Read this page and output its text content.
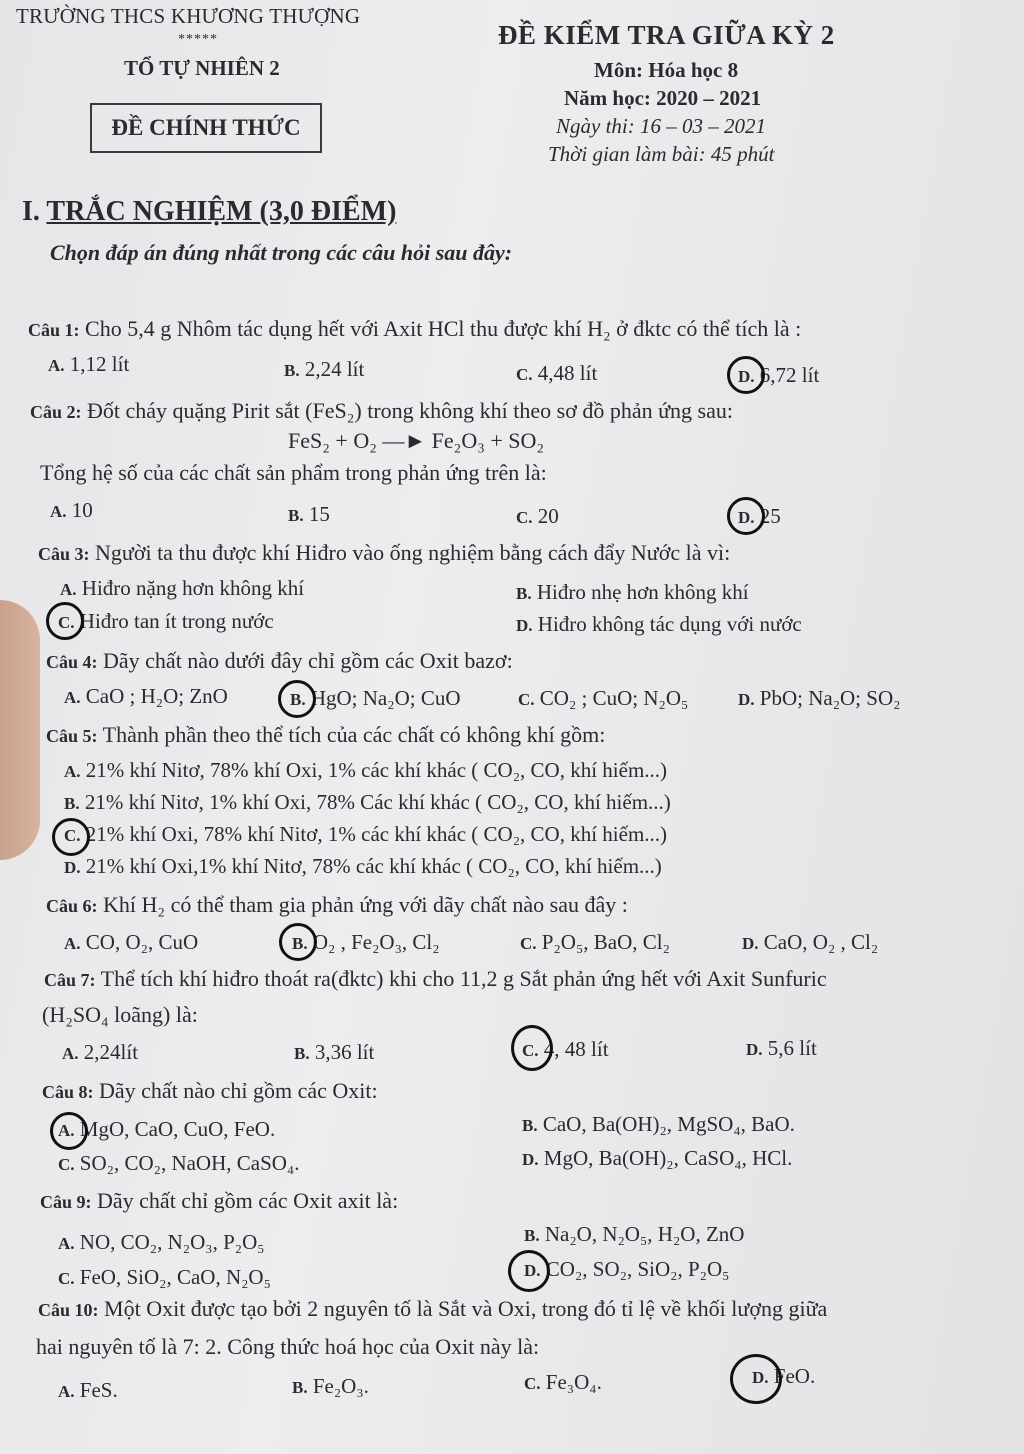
TRƯỜNG THCS KHƯƠNG THƯỢNG
*****
TỔ TỰ NHIÊN 2
ĐỀ CHÍNH THỨC
ĐỀ KIỂM TRA GIỮA KỲ 2
Môn: Hóa học 8
Năm học: 2020 – 2021
Ngày thi: 16 – 03 – 2021
Thời gian làm bài: 45 phút
I. TRẮC NGHIỆM (3,0 ĐIỂM)
Chọn đáp án đúng nhất trong các câu hỏi sau đây:
Câu 1: Cho 5,4 g Nhôm tác dụng hết với Axit HCl thu được khí H₂ ở đktc có thể tích là :
A. 1,12 lít	B. 2,24 lít	C. 4,48 lít	D. 6,72 lít
Câu 2: Đốt cháy quặng Pirit sắt (FeS₂) trong không khí theo sơ đồ phản ứng sau:
FeS₂ + O₂ —► Fe₂O₃ + SO₂
Tổng hệ số của các chất sản phẩm trong phản ứng trên là:
A. 10	B. 15	C. 20	D. 25
Câu 3: Người ta thu được khí Hiđro vào ống nghiệm bằng cách đẩy Nước là vì:
A. Hiđro nặng hơn không khí	B. Hiđro nhẹ hơn không khí
C. Hiđro tan ít trong nước	D. Hiđro không tác dụng với nước
Câu 4: Dãy chất nào dưới đây chỉ gồm các Oxit bazơ:
A. CaO ; H₂O; ZnO	B. HgO; Na₂O; CuO	C. CO₂ ; CuO; N₂O₅	D. PbO; Na₂O; SO₂
Câu 5: Thành phần theo thể tích của các chất có không khí gồm:
A. 21% khí Nitơ, 78% khí Oxi, 1% các khí khác ( CO₂, CO, khí hiếm...)
B. 21% khí Nitơ, 1% khí Oxi, 78% Các khí khác ( CO₂, CO, khí hiếm...)
C. 21% khí Oxi, 78% khí Nitơ, 1% các khí khác ( CO₂, CO, khí hiếm...)
D. 21% khí Oxi,1% khí Nitơ, 78% các khí khác ( CO₂, CO, khí hiếm...)
Câu 6: Khí H₂ có thể tham gia phản ứng với dãy chất nào sau đây :
A. CO, O₂, CuO	B. O₂ , Fe₂O₃, Cl₂	C. P₂O₅, BaO, Cl₂	D. CaO, O₂ , Cl₂
Câu 7: Thể tích khí hiđro thoát ra(đktc) khi cho 11,2 g Sắt phản ứng hết với Axit Sunfuric
(H₂SO₄ loãng) là:
A. 2,24lít	B. 3,36 lít	C. 4, 48 lít	D. 5,6 lít
Câu 8: Dãy chất nào chỉ gồm các Oxit:
A. MgO, CaO, CuO, FeO.	B. CaO, Ba(OH)₂, MgSO₄, BaO.
C. SO₂, CO₂, NaOH, CaSO₄.	D. MgO, Ba(OH)₂, CaSO₄, HCl.
Câu 9: Dãy chất chỉ gồm các Oxit axit là:
A. NO, CO₂, N₂O₃, P₂O₅	B. Na₂O, N₂O₅, H₂O, ZnO
C. FeO, SiO₂, CaO, N₂O₅	D. CO₂, SO₂, SiO₂, P₂O₅
Câu 10: Một Oxit được tạo bởi 2 nguyên tố là Sắt và Oxi, trong đó tỉ lệ về khối lượng giữa
hai nguyên tố là 7: 2. Công thức hoá học của Oxit này là:
A. FeS.	B. Fe₂O₃.	C. Fe₃O₄.	D. FeO.
